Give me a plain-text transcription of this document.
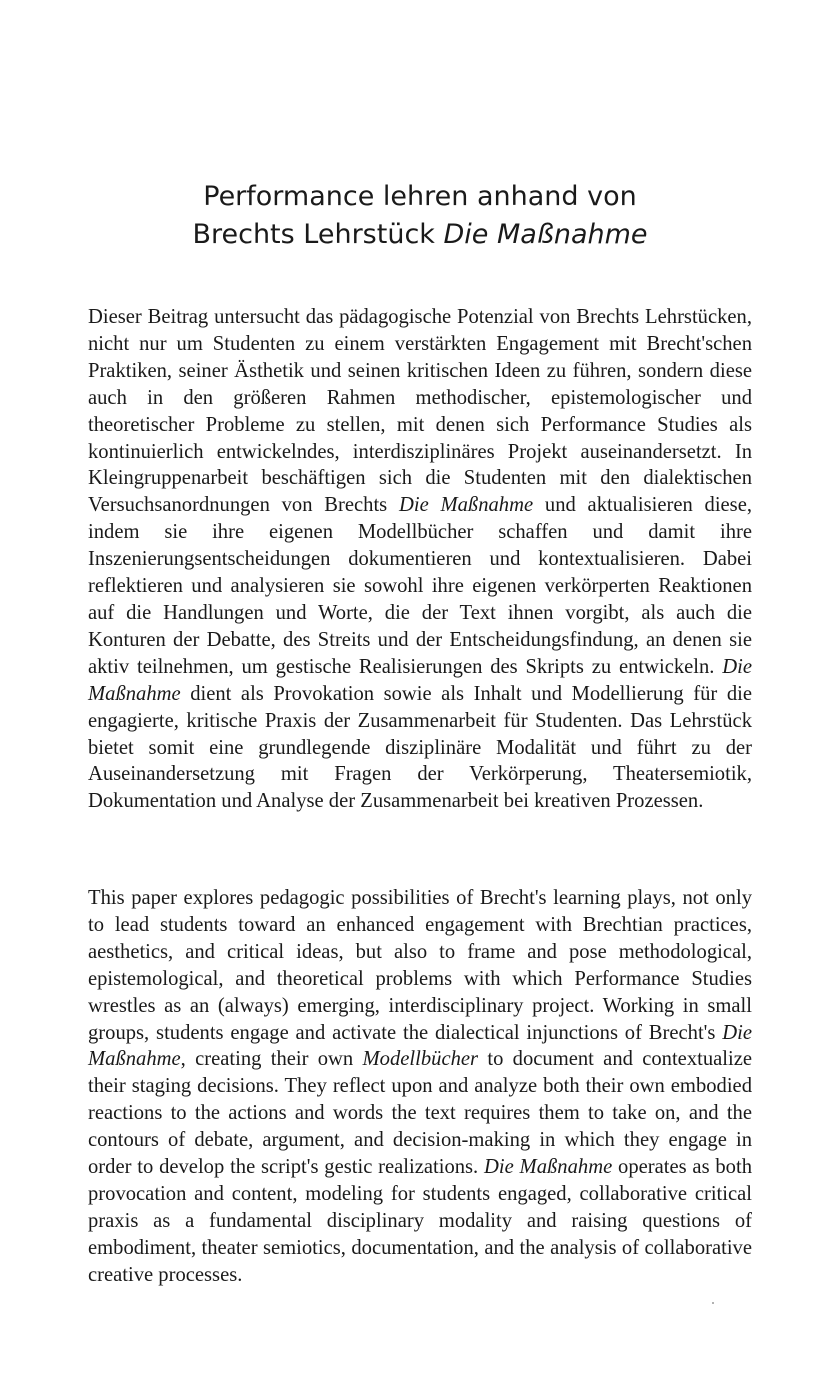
Performance lehren anhand von
Brechts Lehrstück Die Maßnahme

Dieser Beitrag untersucht das pädagogische Potenzial von Brechts Lehrstücken, nicht nur um Studenten zu einem verstärkten Engagement mit Brecht'schen Praktiken, seiner Ästhetik und seinen kritischen Ideen zu führen, sondern diese auch in den größeren Rahmen methodischer, epistemologischer und theoretischer Probleme zu stellen, mit denen sich Performance Studies als kontinuierlich entwickelndes, interdisziplinäres Projekt auseinandersetzt. In Kleingruppenarbeit beschäftigen sich die Studenten mit den dialektischen Versuchsanordnungen von Brechts Die Maßnahme und aktualisieren diese, indem sie ihre eigenen Modellbücher schaffen und damit ihre Inszenierungsentscheidungen dokumentieren und kontextualisieren. Dabei reflektieren und analysieren sie sowohl ihre eigenen verkörperten Reaktionen auf die Handlungen und Worte, die der Text ihnen vorgibt, als auch die Konturen der Debatte, des Streits und der Entscheidungsfindung, an denen sie aktiv teilnehmen, um gestische Realisierungen des Skripts zu entwickeln. Die Maßnahme dient als Provokation sowie als Inhalt und Modellierung für die engagierte, kritische Praxis der Zusammenarbeit für Studenten. Das Lehrstück bietet somit eine grundlegende disziplinäre Modalität und führt zu der Auseinandersetzung mit Fragen der Verkörperung, Theatersemiotik, Dokumentation und Analyse der Zusammenarbeit bei kreativen Prozessen.

This paper explores pedagogic possibilities of Brecht's learning plays, not only to lead students toward an enhanced engagement with Brechtian practices, aesthetics, and critical ideas, but also to frame and pose methodological, epistemological, and theoretical problems with which Performance Studies wrestles as an (always) emerging, interdisciplinary project. Working in small groups, students engage and activate the dialectical injunctions of Brecht's Die Maßnahme, creating their own Modellbücher to document and contextualize their staging decisions. They reflect upon and analyze both their own embodied reactions to the actions and words the text requires them to take on, and the contours of debate, argument, and decision-making in which they engage in order to develop the script's gestic realizations. Die Maßnahme operates as both provocation and content, modeling for students engaged, collaborative critical praxis as a fundamental disciplinary modality and raising questions of embodiment, theater semiotics, documentation, and the analysis of collaborative creative processes.
